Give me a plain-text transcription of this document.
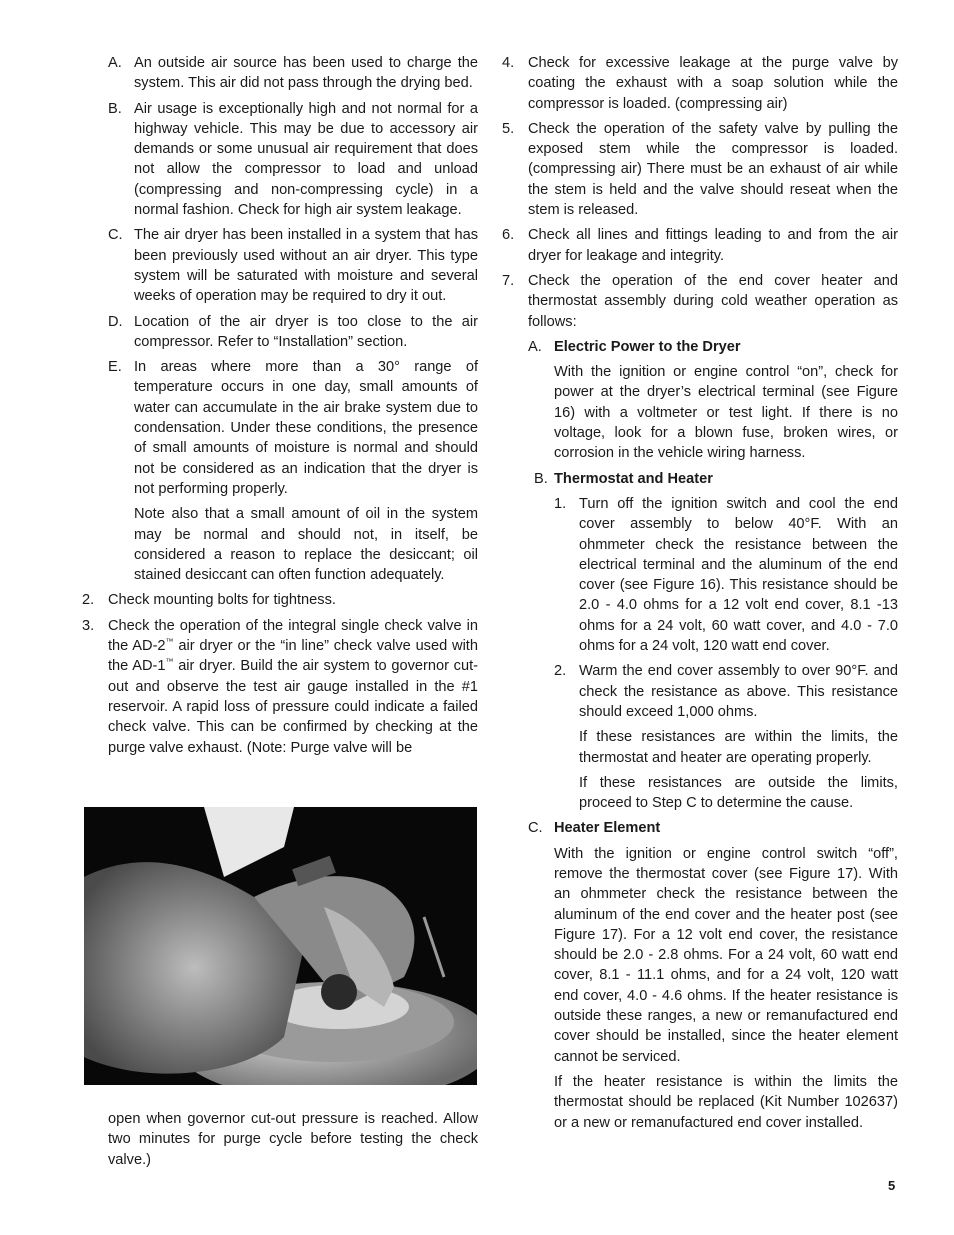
A. An outside air source has been used to charge the system. This air did not pass through the drying bed.

B. Air usage is exceptionally high and not normal for a highway vehicle. This may be due to accessory air demands or some unusual air requirement that does not allow the compressor to load and unload (compressing and non-compressing cycle) in a normal fashion. Check for high air system leakage.

C. The air dryer has been installed in a system that has been previously used without an air dryer. This type system will be saturated with moisture and several weeks of operation may be required to dry it out.

D. Location of the air dryer is too close to the air compressor. Refer to “Installation” section.

E. In areas where more than a 30° range of temperature occurs in one day, small amounts of water can accumulate in the air brake system due to condensation. Under these conditions, the presence of small amounts of moisture is normal and should not be considered as an indication that the dryer is not performing properly.

Note also that a small amount of oil in the system may be normal and should not, in itself, be considered a reason to replace the desiccant; oil stained desiccant can often function adequately.

2. Check mounting bolts for tightness.

3. Check the operation of the integral single check valve in the AD-2™ air dryer or the “in line” check valve used with the AD-1™ air dryer. Build the air system to governor cut-out and observe the test air gauge installed in the #1 reservoir. A rapid loss of pressure could indicate a failed check valve. This can be confirmed by checking at the purge valve exhaust. (Note: Purge valve will be

open when governor cut-out pressure is reached. Allow two minutes for purge cycle before testing the check valve.)

4. Check for excessive leakage at the purge valve by coating the exhaust with a soap solution while the compressor is loaded. (compressing air)

5. Check the operation of the safety valve by pulling the exposed stem while the compressor is loaded. (compressing air) There must be an exhaust of air while the stem is held and the valve should reseat when the stem is released.

6. Check all lines and fittings leading to and from the air dryer for leakage and integrity.

7. Check the operation of the end cover heater and thermostat assembly during cold weather operation as follows:

A. Electric Power to the Dryer

With the ignition or engine control “on”, check for power at the dryer’s electrical terminal (see Figure 16) with a voltmeter or test light. If there is no voltage, look for a blown fuse, broken wires, or corrosion in the vehicle wiring harness.

B. Thermostat and Heater

1. Turn off the ignition switch and cool the end cover assembly to below 40°F. With an ohmmeter check the resistance between the electrical terminal and the aluminum of the end cover (see Figure 16). This resistance should be 2.0 - 4.0 ohms for a 12 volt end cover, 8.1 -13 ohms for a 24 volt, 60 watt cover, and 4.0 - 7.0 ohms for a 24 volt, 120 watt end cover.

2. Warm the end cover assembly to over 90°F. and check the resistance as above. This resistance should exceed 1,000 ohms.

If these resistances are within the limits, the thermostat and heater are operating properly.

If these resistances are outside the limits, proceed to Step C to determine the cause.

C. Heater Element

With the ignition or engine control switch “off”, remove the thermostat cover (see Figure 17). With an ohmmeter check the resistance between the aluminum of the end cover and the heater post (see Figure 17). For a 12 volt end cover, the resistance should be 2.0 - 2.8 ohms. For a 24 volt, 60 watt end cover, 8.1 - 11.1 ohms, and for a 24 volt, 120 watt end cover, 4.0 - 4.6 ohms. If the heater resistance is outside these ranges, a new or remanufactured end cover should be installed, since the heater element cannot be serviced.

If the heater resistance is within the limits the thermostat should be replaced (Kit Number 102637) or a new or remanufactured end cover installed.

5
